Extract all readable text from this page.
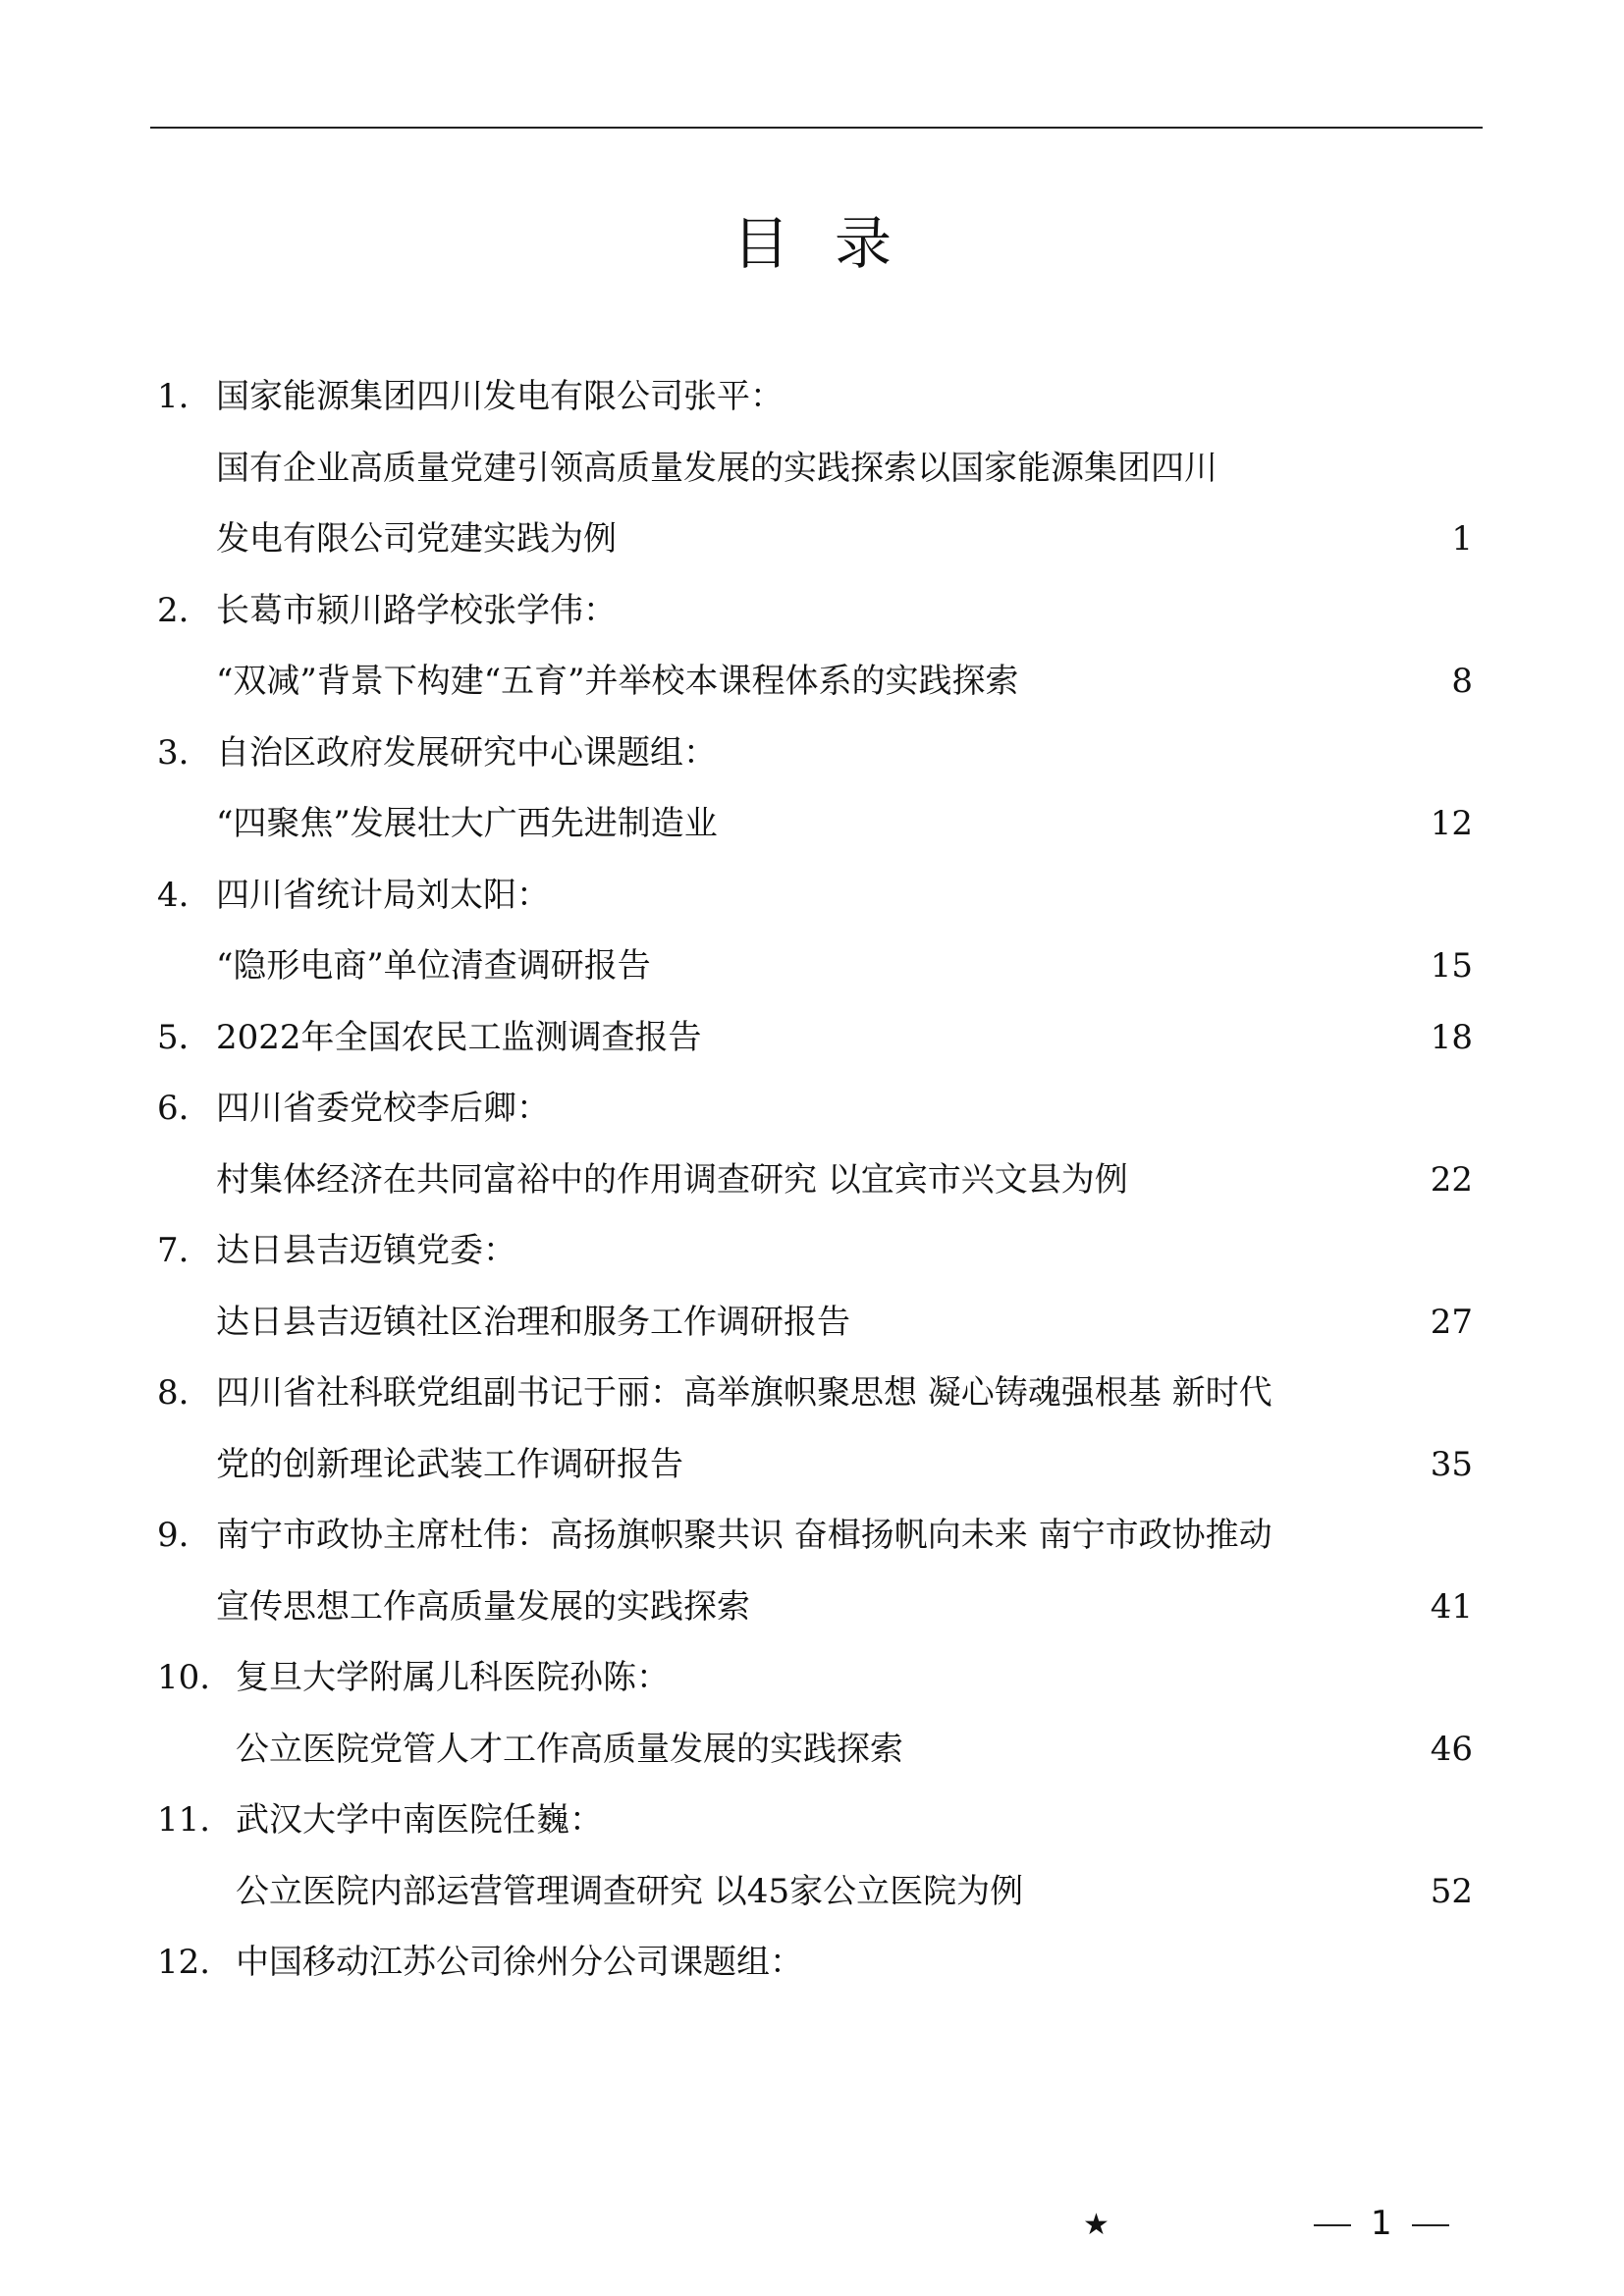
目录
1. 国家能源集团四川发电有限公司张平：
国有企业高质量党建引领高质量发展的实践探索以国家能源集团四川
发电有限公司党建实践为例	1
2. 长葛市颍川路学校张学伟：
“双减”背景下构建“五育”并举校本课程体系的实践探索	8
3. 自治区政府发展研究中心课题组：
“四聚焦”发展壮大广西先进制造业	12
4. 四川省统计局刘太阳：
“隐形电商”单位清查调研报告	15
5． 2022年全国农民工监测调查报告	18
6. 四川省委党校李后卿：
村集体经济在共同富裕中的作用调查研究 以宜宾市兴文县为例	22
7. 达日县吉迈镇党委：
达日县吉迈镇社区治理和服务工作调研报告	27
8. 四川省社科联党组副书记于丽：高举旗帜聚思想 凝心铸魂强根基 新时代
党的创新理论武装工作调研报告	35
9. 南宁市政协主席杜伟：高扬旗帜聚共识 奋楫扬帆向未来 南宁市政协推动
宣传思想工作高质量发展的实践探索	41
10. 复旦大学附属儿科医院孙陈：
公立医院党管人才工作高质量发展的实践探索	46
11. 武汉大学中南医院任巍：
公立医院内部运营管理调查研究 以45家公立医院为例	52
12. 中国移动江苏公司徐州分公司课题组：
★	1
